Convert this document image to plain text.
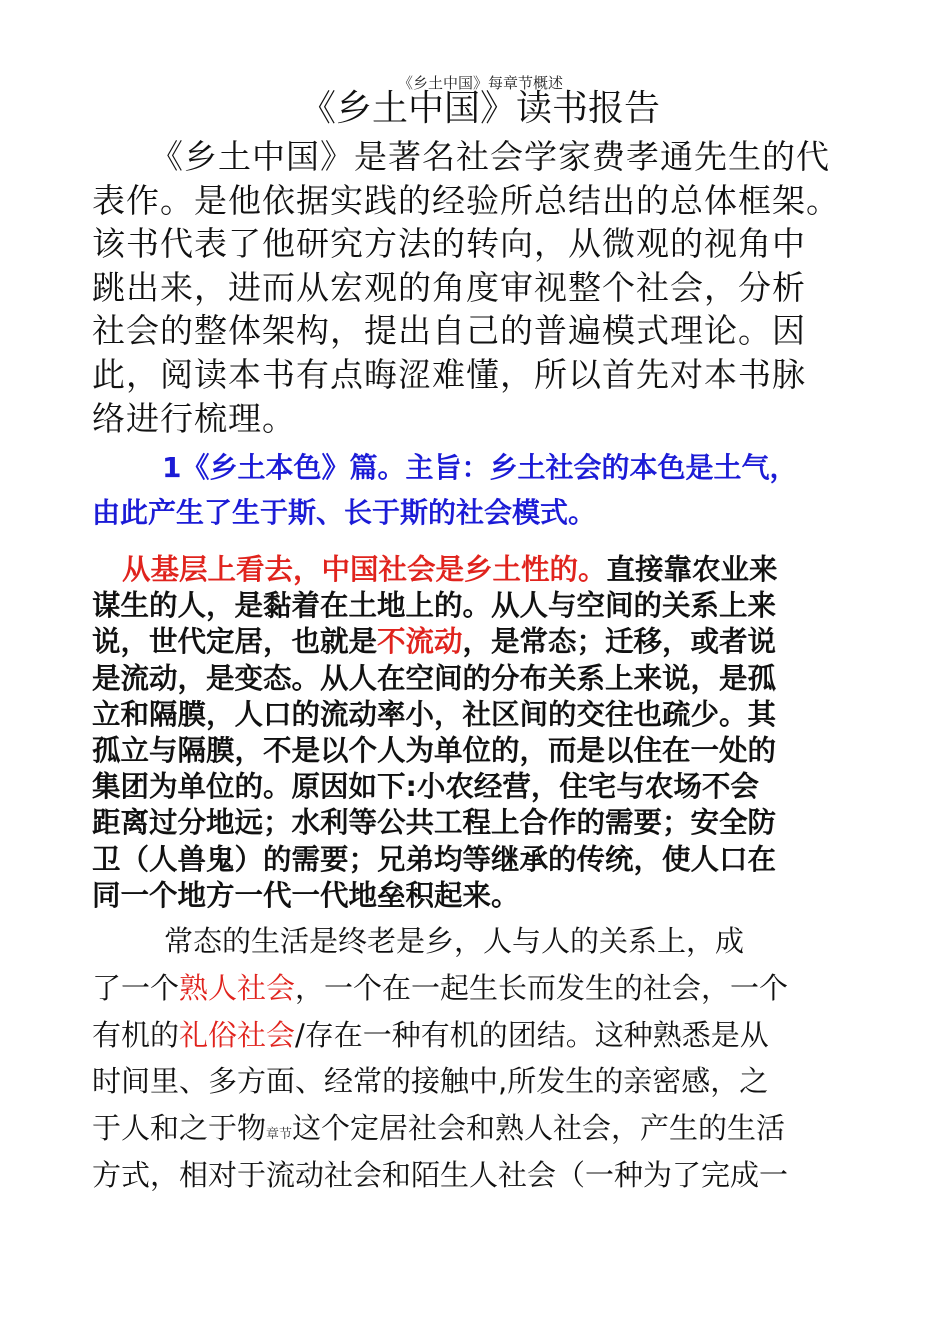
《乡土中国》每章节概述
《乡土中国》读书报告
《乡土中国》是著名社会学家费孝通先生的代
表作。是他依据实践的经验所总结出的总体框架。
该书代表了他研究方法的转向，从微观的视角中
跳出来，进而从宏观的角度审视整个社会，分析
社会的整体架构，提出自己的普遍模式理论。因
此，阅读本书有点晦涩难懂，所以首先对本书脉
络进行梳理。
1《乡土本色》篇。主旨：乡土社会的本色是土气，
由此产生了生于斯、长于斯的社会模式。
从基层上看去，中国社会是乡土性的。直接靠农业来
谋生的人，是黏着在土地上的。从人与空间的关系上来
说，世代定居，也就是不流动，是常态；迁移，或者说
是流动，是变态。从人在空间的分布关系上来说，是孤
立和隔膜，人口的流动率小，社区间的交往也疏少。其
孤立与隔膜，不是以个人为单位的，而是以住在一处的
集团为单位的。原因如下:小农经营，住宅与农场不会
距离过分地远；水利等公共工程上合作的需要；安全防
卫（人兽鬼）的需要；兄弟均等继承的传统，使人口在
同一个地方一代一代地垒积起来。
常态的生活是终老是乡，人与人的关系上，成
了一个熟人社会，一个在一起生长而发生的社会，一个
有机的礼俗社会/存在一种有机的团结。这种熟悉是从
时间里、多方面、经常的接触中,所发生的亲密感，之
于人和之于物章节这个定居社会和熟人社会，产生的生活
方式，相对于流动社会和陌生人社会（一种为了完成一
